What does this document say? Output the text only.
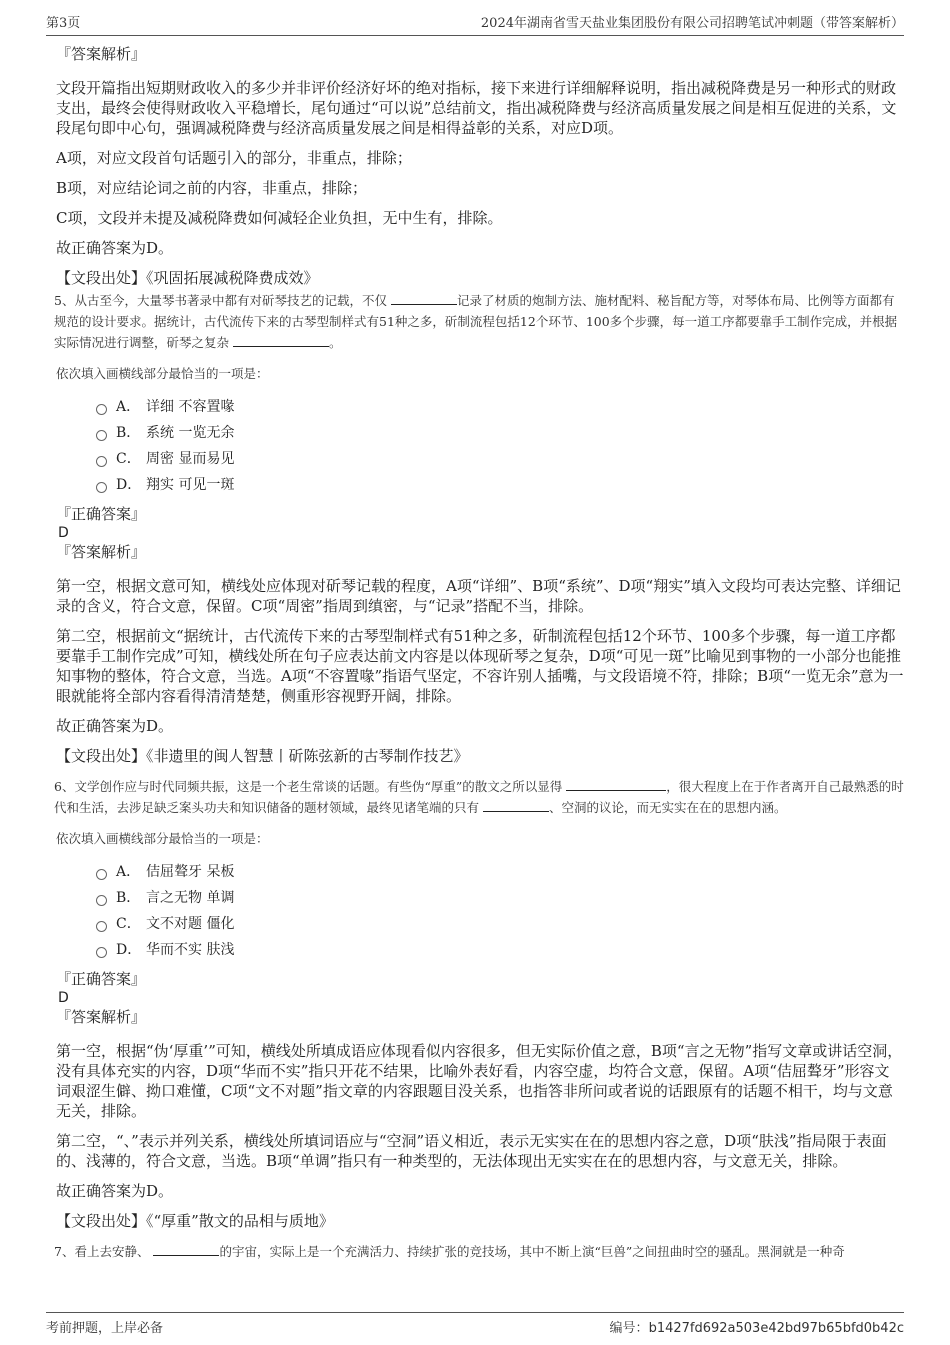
第3页	2024年湖南省雪天盐业集团股份有限公司招聘笔试冲刺题（带答案解析）

『答案解析』

文段开篇指出短期财政收入的多少并非评价经济好坏的绝对指标，接下来进行详细解释说明，指出减税降费是另一种形式的财政支出，最终会使得财政收入平稳增长，尾句通过“可以说”总结前文，指出减税降费与经济高质量发展之间是相互促进的关系，文段尾句即中心句，强调减税降费与经济高质量发展之间是相得益彰的关系，对应D项。

A项，对应文段首句话题引入的部分，非重点，排除；

B项，对应结论词之前的内容，非重点，排除；

C项，文段并未提及减税降费如何减轻企业负担，无中生有，排除。

故正确答案为D。

【文段出处】《巩固拓展减税降费成效》

5、从古至今，大量琴书著录中都有对斫琴技艺的记载，不仅	记录了材质的炮制方法、施材配料、秘旨配方等，对琴体布局、比例等方面都有规范的设计要求。据统计，古代流传下来的古琴型制样式有51种之多，斫制流程包括12个环节、100多个步骤，每一道工序都要靠手工制作完成，并根据实际情况进行调整，斫琴之复杂	。

依次填入画横线部分最恰当的一项是：

A． 详细 不容置喙
B． 系统 一览无余
C． 周密 显而易见
D． 翔实 可见一斑

『正确答案』

D

『答案解析』

第一空，根据文意可知，横线处应体现对斫琴记载的程度，A项“详细”、B项“系统”、D项“翔实”填入文段均可表达完整、详细记录的含义，符合文意，保留。C项“周密”指周到缜密，与“记录”搭配不当，排除。

第二空，根据前文“据统计，古代流传下来的古琴型制样式有51种之多，斫制流程包括12个环节、100多个步骤，每一道工序都要靠手工制作完成”可知，横线处所在句子应表达前文内容是以体现斫琴之复杂，D项“可见一斑”比喻见到事物的一小部分也能推知事物的整体，符合文意，当选。A项“不容置喙”指语气坚定，不容许别人插嘴，与文段语境不符，排除；B项“一览无余”意为一眼就能将全部内容看得清清楚楚，侧重形容视野开阔，排除。

故正确答案为D。

【文段出处】《非遗里的闽人智慧丨斫陈弦新的古琴制作技艺》

6、文学创作应与时代同频共振，这是一个老生常谈的话题。有些伪“厚重”的散文之所以显得	，很大程度上在于作者离开自己最熟悉的时代和生活，去涉足缺乏案头功夫和知识储备的题材领域，最终见诸笔端的只有	、空洞的议论，而无实实在在的思想内涵。

依次填入画横线部分最恰当的一项是：

A． 佶屈聱牙 呆板
B． 言之无物 单调
C． 文不对题 僵化
D． 华而不实 肤浅

『正确答案』

D

『答案解析』

第一空，根据“伪‘厚重’”可知，横线处所填成语应体现看似内容很多，但无实际价值之意，B项“言之无物”指写文章或讲话空洞，没有具体充实的内容，D项“华而不实”指只开花不结果，比喻外表好看，内容空虚，均符合文意，保留。A项“佶屈聱牙”形容文词艰涩生僻、拗口难懂，C项“文不对题”指文章的内容跟题目没关系，也指答非所问或者说的话跟原有的话题不相干，均与文意无关，排除。

第二空，“、”表示并列关系，横线处所填词语应与“空洞”语义相近，表示无实实在在的思想内容之意，D项“肤浅”指局限于表面的、浅薄的，符合文意，当选。B项“单调”指只有一种类型的，无法体现出无实实在在的思想内容，与文意无关，排除。

故正确答案为D。

【文段出处】《“厚重”散文的品相与质地》

7、看上去安静、	的宇宙，实际上是一个充满活力、持续扩张的竞技场，其中不断上演“巨兽”之间扭曲时空的骚乱。黑洞就是一种奇

考前押题，上岸必备	编号：b1427fd692a503e42bd97b65bfd0b42c
